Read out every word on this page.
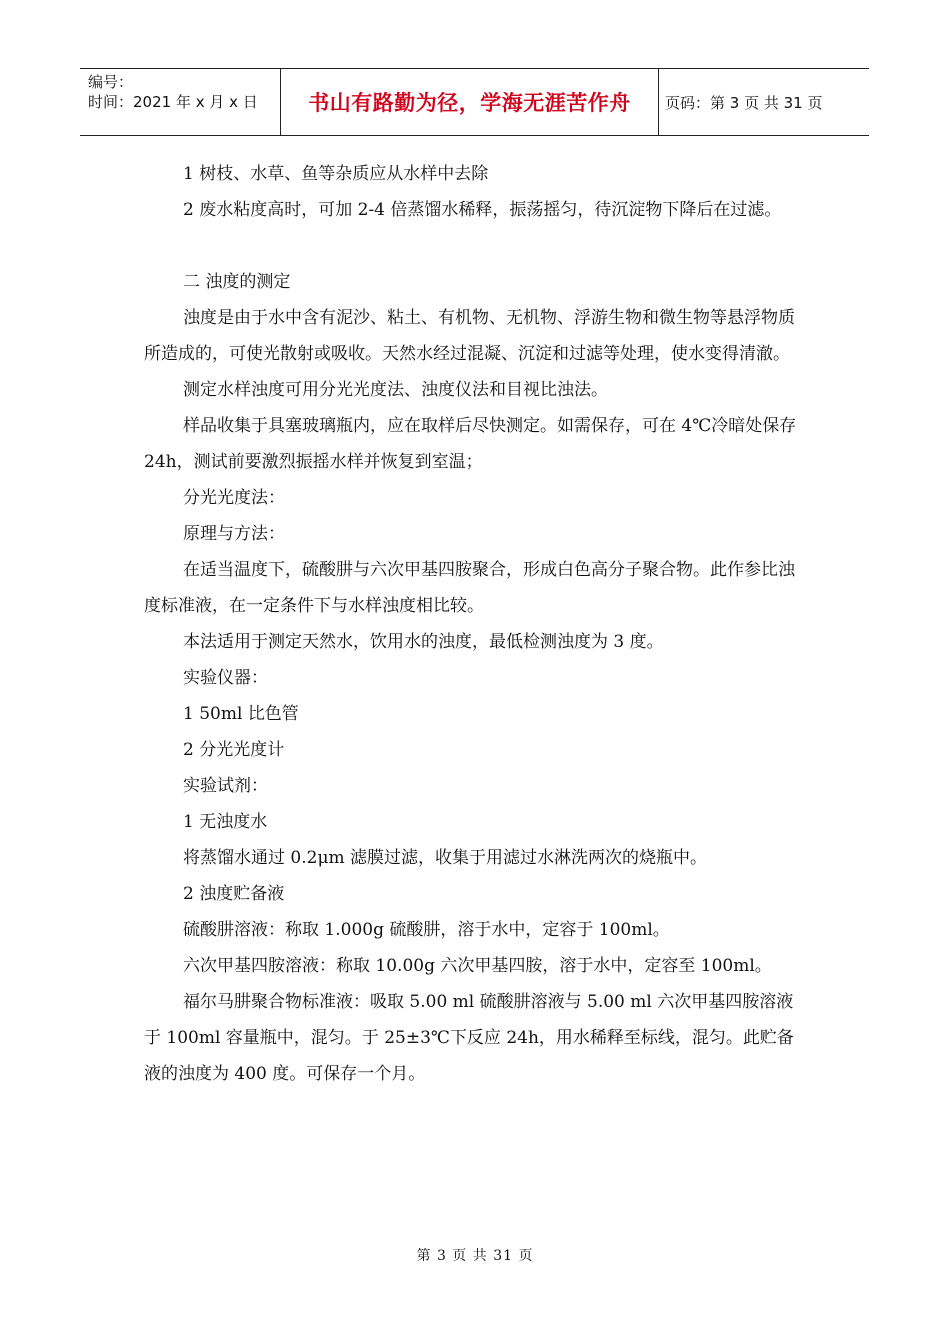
编号：
时间：2021 年 x 月 x 日	书山有路勤为径，学海无涯苦作舟	页码：第 3 页 共 31 页

1 树枝、水草、鱼等杂质应从水样中去除

2 废水粘度高时，可加 2-4 倍蒸馏水稀释，振荡摇匀，待沉淀物下降后在过滤。

二 浊度的测定

浊度是由于水中含有泥沙、粘土、有机物、无机物、浮游生物和微生物等悬浮物质所造成的，可使光散射或吸收。天然水经过混凝、沉淀和过滤等处理，使水变得清澈。

测定水样浊度可用分光光度法、浊度仪法和目视比浊法。

样品收集于具塞玻璃瓶内，应在取样后尽快测定。如需保存，可在 4℃冷暗处保存 24h，测试前要激烈振摇水样并恢复到室温；

分光光度法：

原理与方法：

在适当温度下，硫酸肼与六次甲基四胺聚合，形成白色高分子聚合物。此作参比浊度标准液，在一定条件下与水样浊度相比较。

本法适用于测定天然水，饮用水的浊度，最低检测浊度为 3 度。

实验仪器：

1 50ml 比色管

2 分光光度计

实验试剂：

1 无浊度水

将蒸馏水通过 0.2μm 滤膜过滤，收集于用滤过水淋洗两次的烧瓶中。

2 浊度贮备液

硫酸肼溶液：称取 1.000g 硫酸肼，溶于水中，定容于 100ml。

六次甲基四胺溶液：称取 10.00g 六次甲基四胺，溶于水中，定容至 100ml。

福尔马肼聚合物标准液：吸取 5.00 ml 硫酸肼溶液与 5.00 ml 六次甲基四胺溶液于 100ml 容量瓶中，混匀。于 25±3℃下反应 24h，用水稀释至标线，混匀。此贮备液的浊度为 400 度。可保存一个月。

第 3 页 共 31 页
